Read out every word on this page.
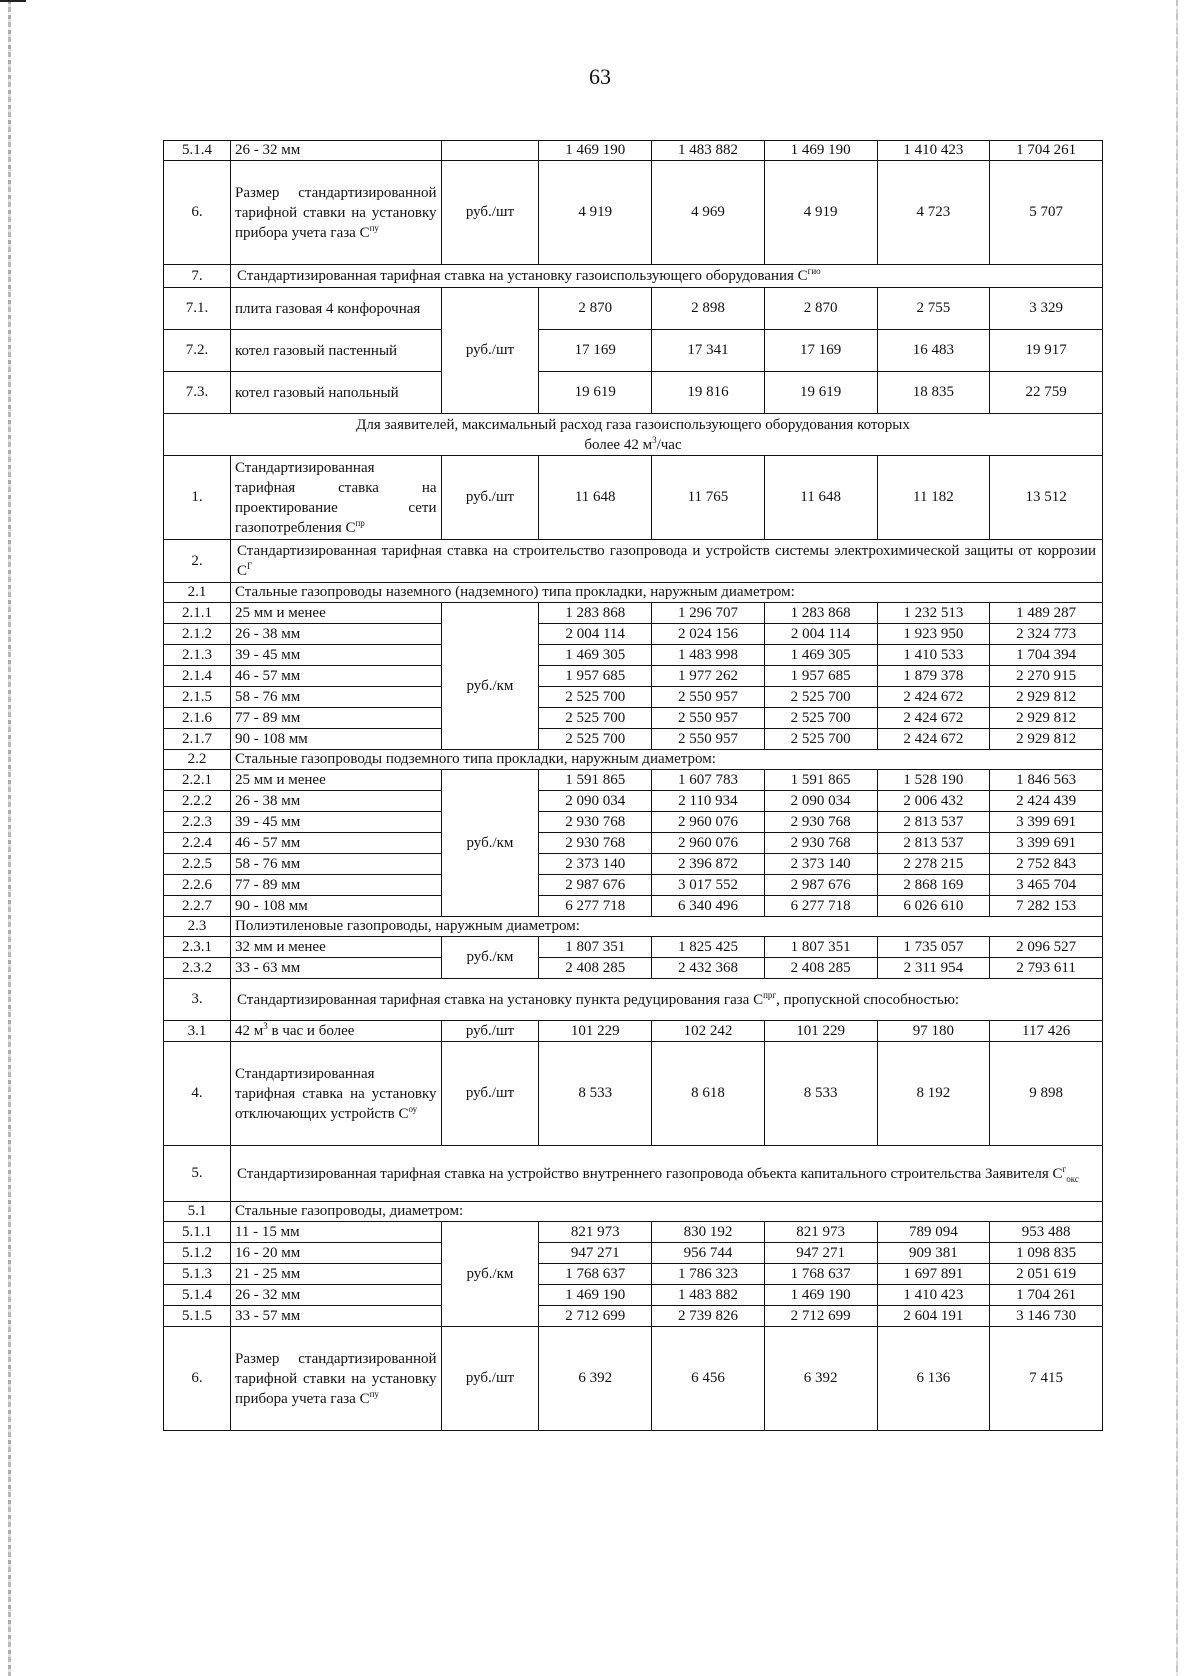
63
5.1.4	26 - 32 мм		1 469 190	1 483 882	1 469 190	1 410 423	1 704 261
6.	Размер стандартизированной тарифной ставки на установку прибора учета газа $С^{пу}$	руб./шт	4 919	4 969	4 919	4 723	5 707
7.	Стандартизированная тарифная ставка на установку газоиспользующего оборудования $С^{гио}$
7.1.	плита газовая 4 конфорочная	руб./шт	2 870	2 898	2 870	2 755	3 329
7.2.	котел газовый пастенный		17 169	17 341	17 169	16 483	19 917
7.3.	котел газовый напольный		19 619	19 816	19 619	18 835	22 759
Для заявителей, максимальный расход газа газоиспользующего оборудования которых
более 42 $м^3$/час							
1.	Стандартизированная тарифная ставка на проектирование сети газопотребления $С^{пр}$	руб./шт	11 648	11 765	11 648	11 182	13 512
2.	Стандартизированная тарифная ставка на строительство газопровода и устройств системы электрохимической защиты от коррозии $С^Г$
2.1	Стальные газопроводы наземного (надземного) типа прокладки, наружным диаметром:						
2.1.1	25 мм и менее		1 283 868	1 296 707	1 283 868	1 232 513	1 489 287
2.1.2	26 - 38 мм	руб./км	2 004 114	2 024 156	2 004 114	1 923 950	2 324 773
2.1.3	39 - 45 мм		1 469 305	1 483 998	1 469 305	1 410 533	1 704 394
2.1.4	46 - 57 мм		1 957 685	1 977 262	1 957 685	1 879 378	2 270 915
2.1.5	58 - 76 мм		2 525 700	2 550 957	2 525 700	2 424 672	2 929 812
2.1.6	77 - 89 мм		2 525 700	2 550 957	2 525 700	2 424 672	2 929 812
2.1.7	90 - 108 мм		2 525 700	2 550 957	2 525 700	2 424 672	2 929 812
2.2	Стальные газопроводы подземного типа прокладки, наружным диаметром:						
2.2.1	25 мм и менее	руб./км	1 591 865	1 607 783	1 591 865	1 528 190	1 846 563
2.2.2	26 - 38 мм		2 090 034	2 110 934	2 090 034	2 006 432	2 424 439
2.2.3	39 - 45 мм		2 930 768	2 960 076	2 930 768	2 813 537	3 399 691
2.2.4	46 - 57 мм		2 930 768	2 960 076	2 930 768	2 813 537	3 399 691
2.2.5	58 - 76 мм		2 373 140	2 396 872	2 373 140	2 278 215	2 752 843
2.2.6	77 - 89 мм		2 987 676	3 017 552	2 987 676	2 868 169	3 465 704
2.2.7	90 - 108 мм		6 277 718	6 340 496	6 277 718	6 026 610	7 282 153
2.3	Полиэтиленовые газопроводы, наружным диаметром:						
2.3.1	32 мм и менее	руб./км	1 807 351	1 825 425	1 807 351	1 735 057	2 096 527
2.3.2	33 - 63 мм		2 408 285	2 432 368	2 408 285	2 311 954	2 793 611
3.	Стандартизированная тарифная ставка на установку пункта редуцирования газа $С^{прг}$, пропускной способностью:						
3.1	42 $м^3$ в час и более	руб./шт	101 229	102 242	101 229	97 180	117 426
4.	Стандартизированная тарифная ставка на установку отключающих устройств $С^{оу}$	руб./шт	8 533	8 618	8 533	8 192	9 898
5.	Стандартизированная тарифная ставка на устройство внутреннего газопровода объекта капитального строительства Заявителя $С^г_{окс}$
5.1	Стальные газопроводы, диаметром:						
5.1.1	11 - 15 мм	руб./км	821 973	830 192	821 973	789 094	953 488
5.1.2	16 - 20 мм		947 271	956 744	947 271	909 381	1 098 835
5.1.3	21 - 25 мм		1 768 637	1 786 323	1 768 637	1 697 891	2 051 619
5.1.4	26 - 32 мм		1 469 190	1 483 882	1 469 190	1 410 423	1 704 261
5.1.5	33 - 57 мм		2 712 699	2 739 826	2 712 699	2 604 191	3 146 730
6.	Размер стандартизированной тарифной ставки на установку прибора учета газа $С^{пу}$	руб./шт	6 392	6 456	6 392	6 136	7 415
